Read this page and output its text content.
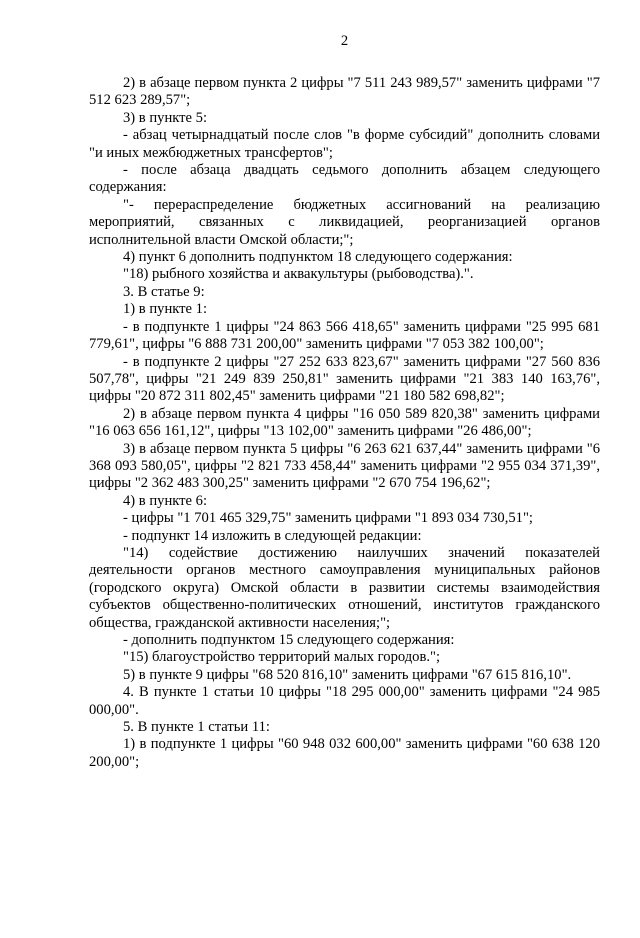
2

2) в абзаце первом пункта 2 цифры "7 511 243 989,57" заменить цифрами "7 512 623 289,57";

3) в пункте 5:

- абзац четырнадцатый после слов "в форме субсидий" дополнить словами "и иных межбюджетных трансфертов";

- после абзаца двадцать седьмого дополнить абзацем следующего содержания:

"- перераспределение бюджетных ассигнований на реализацию мероприятий, связанных с ликвидацией, реорганизацией органов исполнительной власти Омской области;";

4) пункт 6 дополнить подпунктом 18 следующего содержания:

"18) рыбного хозяйства и аквакультуры (рыбоводства).".

3. В статье 9:

1) в пункте 1:

- в подпункте 1 цифры "24 863 566 418,65" заменить цифрами "25 995 681 779,61", цифры "6 888 731 200,00" заменить цифрами "7 053 382 100,00";

- в подпункте 2 цифры "27 252 633 823,67" заменить цифрами "27 560 836 507,78", цифры "21 249 839 250,81" заменить цифрами "21 383 140 163,76", цифры "20 872 311 802,45" заменить цифрами "21 180 582 698,82";

2) в абзаце первом пункта 4 цифры "16 050 589 820,38" заменить цифрами "16 063 656 161,12", цифры "13 102,00" заменить цифрами "26 486,00";

3) в абзаце первом пункта 5 цифры "6 263 621 637,44" заменить цифрами "6 368 093 580,05", цифры "2 821 733 458,44" заменить цифрами "2 955 034 371,39", цифры "2 362 483 300,25" заменить цифрами "2 670 754 196,62";

4) в пункте 6:

- цифры "1 701 465 329,75" заменить цифрами "1 893 034 730,51";

- подпункт 14 изложить в следующей редакции:

"14) содействие достижению наилучших значений показателей деятельности органов местного самоуправления муниципальных районов (городского округа) Омской области в развитии системы взаимодействия субъектов общественно-политических отношений, институтов гражданского общества, гражданской активности населения;";

- дополнить подпунктом 15 следующего содержания:

"15) благоустройство территорий малых городов.";

5) в пункте 9 цифры "68 520 816,10" заменить цифрами "67 615 816,10".

4. В пункте 1 статьи 10 цифры "18 295 000,00" заменить цифрами "24 985 000,00".

5. В пункте 1 статьи 11:

1) в подпункте 1 цифры "60 948 032 600,00" заменить цифрами "60 638 120 200,00";
